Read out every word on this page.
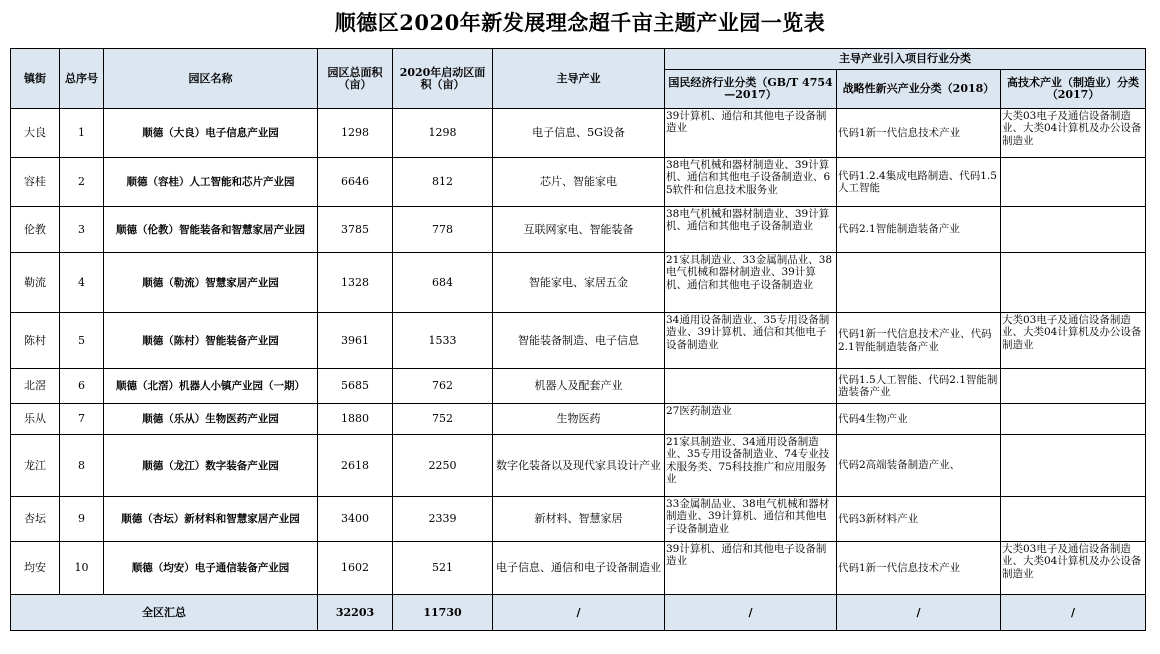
顺德区2020年新发展理念超千亩主题产业园一览表
镇街	总序号	园区名称	园区总面积（亩）	2020年启动区面积（亩）	主导产业	主导产业引入项目行业分类		
						国民经济行业分类（GB/T 4754—2017）	战略性新兴产业分类（2018）	高技术产业（制造业）分类（2017）
大良	1	顺德（大良）电子信息产业园	1298	1298	电子信息、5G设备	39计算机、通信和其他电子设备制造业	代码1新一代信息技术产业	大类03电子及通信设备制造业、大类04计算机及办公设备制造业
容桂	2	顺德（容桂）人工智能和芯片产业园	6646	812	芯片、智能家电	38电气机械和器材制造业、39计算机、通信和其他电子设备制造业、65软件和信息技术服务业	代码1.2.4集成电路制造、代码1.5人工智能	
伦教	3	顺德（伦教）智能装备和智慧家居产业园	3785	778	互联网家电、智能装备	38电气机械和器材制造业、39计算机、通信和其他电子设备制造业	代码2.1智能制造装备产业	
勒流	4	顺德（勒流）智慧家居产业园	1328	684	智能家电、家居五金	21家具制造业、33金属制品业、38电气机械和器材制造业、39计算机、通信和其他电子设备制造业		
陈村	5	顺德（陈村）智能装备产业园	3961	1533	智能装备制造、电子信息	34通用设备制造业、35专用设备制造业、39计算机、通信和其他电子设备制造业	代码1新一代信息技术产业、代码2.1智能制造装备产业	大类03电子及通信设备制造业、大类04计算机及办公设备制造业
北滘	6	顺德（北滘）机器人小镇产业园（一期）	5685	762	机器人及配套产业		代码1.5人工智能、代码2.1智能制造装备产业	
乐从	7	顺德（乐从）生物医药产业园	1880	752	生物医药	27医药制造业	代码4生物产业	
龙江	8	顺德（龙江）数字装备产业园	2618	2250	数字化装备以及现代家具设计产业	21家具制造业、34通用设备制造业、35专用设备制造业、74专业技术服务类、75科技推广和应用服务业	代码2高端装备制造产业、	
杏坛	9	顺德（杏坛）新材料和智慧家居产业园	3400	2339	新材料、智慧家居	33金属制品业、38电气机械和器材制造业、39计算机、通信和其他电子设备制造业	代码3新材料产业	
均安	10	顺德（均安）电子通信装备产业园	1602	521	电子信息、通信和电子设备制造业	39计算机、通信和其他电子设备制造业	代码1新一代信息技术产业	大类03电子及通信设备制造业、大类04计算机及办公设备制造业
全区汇总			32203	11730	/	/	/	/
